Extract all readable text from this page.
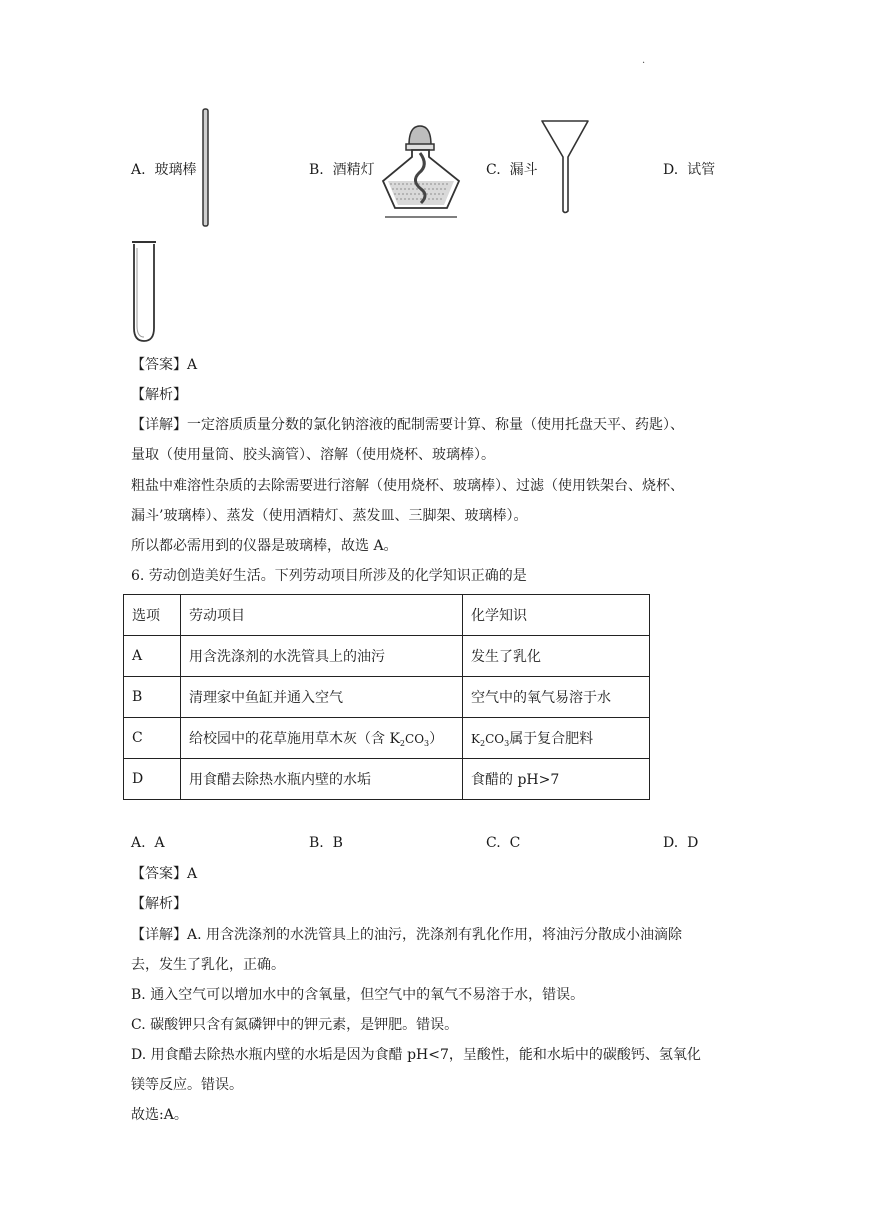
·
A. 玻璃棒	B. 酒精灯	C. 漏斗	D. 试管
【答案】A
【解析】
【详解】一定溶质质量分数的氯化钠溶液的配制需要计算、称量（使用托盘天平、药匙）、
量取（使用量筒、胶头滴管）、溶解（使用烧杯、玻璃棒）。
粗盐中难溶性杂质的去除需要进行溶解（使用烧杯、玻璃棒）、过滤（使用铁架台、烧杯、
漏斗’玻璃棒）、蒸发（使用酒精灯、蒸发皿、三脚架、玻璃棒）。
所以都必需用到的仪器是玻璃棒，故选 A。
6. 劳动创造美好生活。下列劳动项目所涉及的化学知识正确的是
选项	劳动项目	化学知识
A	用含洗涤剂的水洗管具上的油污	发生了乳化
B	清理家中鱼缸并通入空气	空气中的氧气易溶于水
C	给校园中的花草施用草木灰（含 $K_2CO_3$）	$K_2CO_3$属于复合肥料
D	用食醋去除热水瓶内壁的水垢	食醋的 pH>7
A. A	B. B	C. C	D. D
【答案】A
【解析】
【详解】A. 用含洗涤剂的水洗管具上的油污，洗涤剂有乳化作用，将油污分散成小油滴除
去，发生了乳化，正确。
B. 通入空气可以增加水中的含氧量，但空气中的氧气不易溶于水，错误。
C. 碳酸钾只含有氮磷钾中的钾元素，是钾肥。错误。
D. 用食醋去除热水瓶内壁的水垢是因为食醋 pH<7，呈酸性，能和水垢中的碳酸钙、氢氧化
镁等反应。错误。
故选:A。
